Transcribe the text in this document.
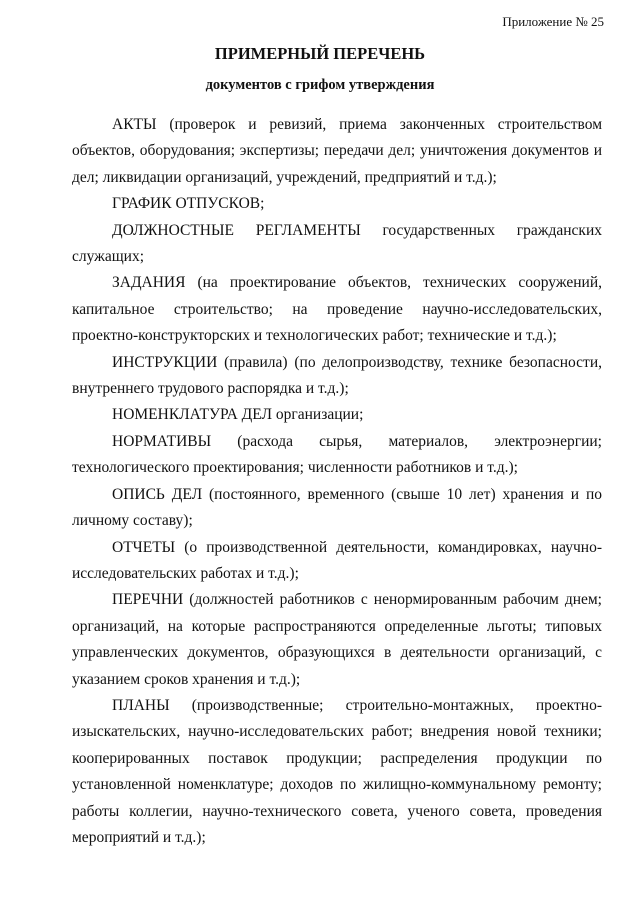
Приложение № 25
ПРИМЕРНЫЙ ПЕРЕЧЕНЬ
документов с грифом утверждения

АКТЫ (проверок и ревизий, приема законченных строительством объектов, оборудования; экспертизы; передачи дел; уничтожения документов и дел; ликвидации организаций, учреждений, предприятий и т.д.);

ГРАФИК ОТПУСКОВ;

ДОЛЖНОСТНЫЕ РЕГЛАМЕНТЫ государственных гражданских служащих;

ЗАДАНИЯ (на проектирование объектов, технических сооружений, капитальное строительство; на проведение научно-исследовательских, проектно-конструкторских и технологических работ; технические и т.д.);

ИНСТРУКЦИИ (правила) (по делопроизводству, технике безопасности, внутреннего трудового распорядка и т.д.);

НОМЕНКЛАТУРА ДЕЛ организации;

НОРМАТИВЫ (расхода сырья, материалов, электроэнергии; технологического проектирования; численности работников и т.д.);

ОПИСЬ ДЕЛ (постоянного, временного (свыше 10 лет) хранения и по личному составу);

ОТЧЕТЫ (о производственной деятельности, командировках, научно-исследовательских работах и т.д.);

ПЕРЕЧНИ (должностей работников с ненормированным рабочим днем; организаций, на которые распространяются определенные льготы; типовых управленческих документов, образующихся в деятельности организаций, с указанием сроков хранения и т.д.);

ПЛАНЫ (производственные; строительно-монтажных, проектно-изыскательских, научно-исследовательских работ; внедрения новой техники; кооперированных поставок продукции; распределения продукции по установленной номенклатуре; доходов по жилищно-коммунальному ремонту; работы коллегии, научно-технического совета, ученого совета, проведения мероприятий и т.д.);
